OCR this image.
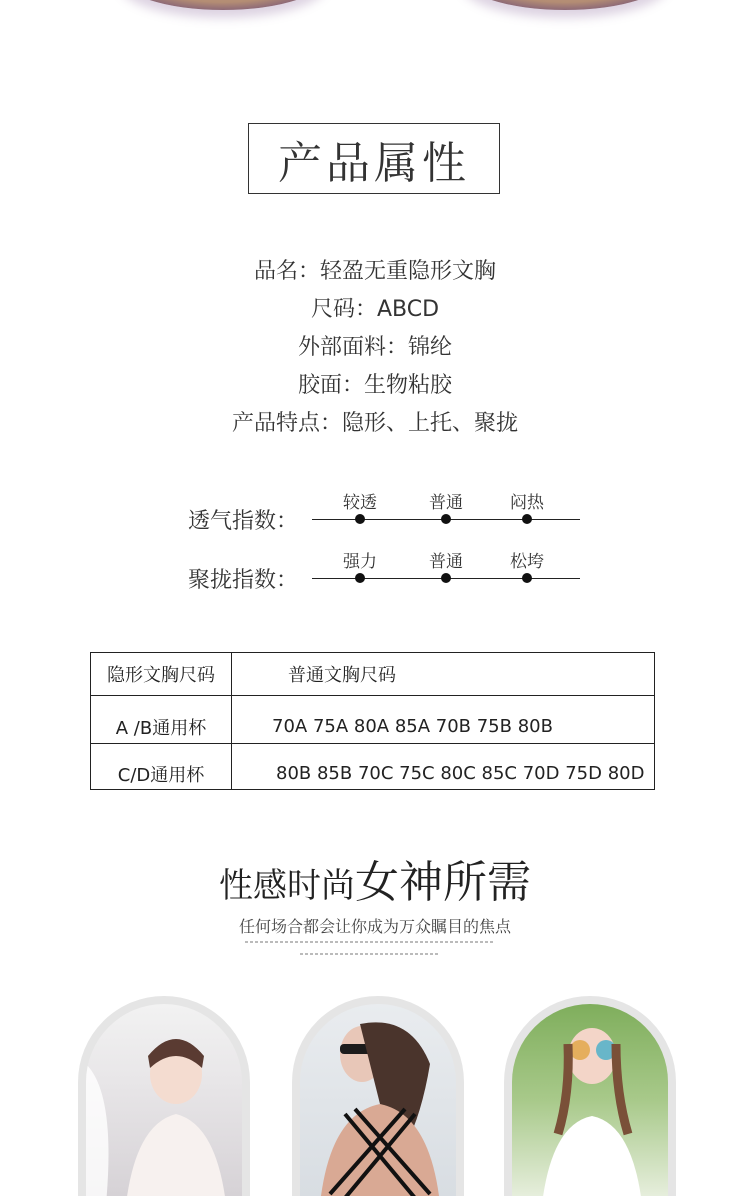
产品属性
品名：轻盈无重隐形文胸
尺码：ABCD
外部面料：锦纶
胶面：生物粘胶
产品特点：隐形、上托、聚拢
透气指数：
较透	普通	闷热
聚拢指数：
强力	普通	松垮
隐形文胸尺码	普通文胸尺码
A /B通用杯	70A 75A 80A 85A 70B 75B 80B
C/D通用杯	80B 85B 70C 75C 80C 85C 70D 75D 80D
性感时尚女神所需
任何场合都会让你成为万众瞩目的焦点
